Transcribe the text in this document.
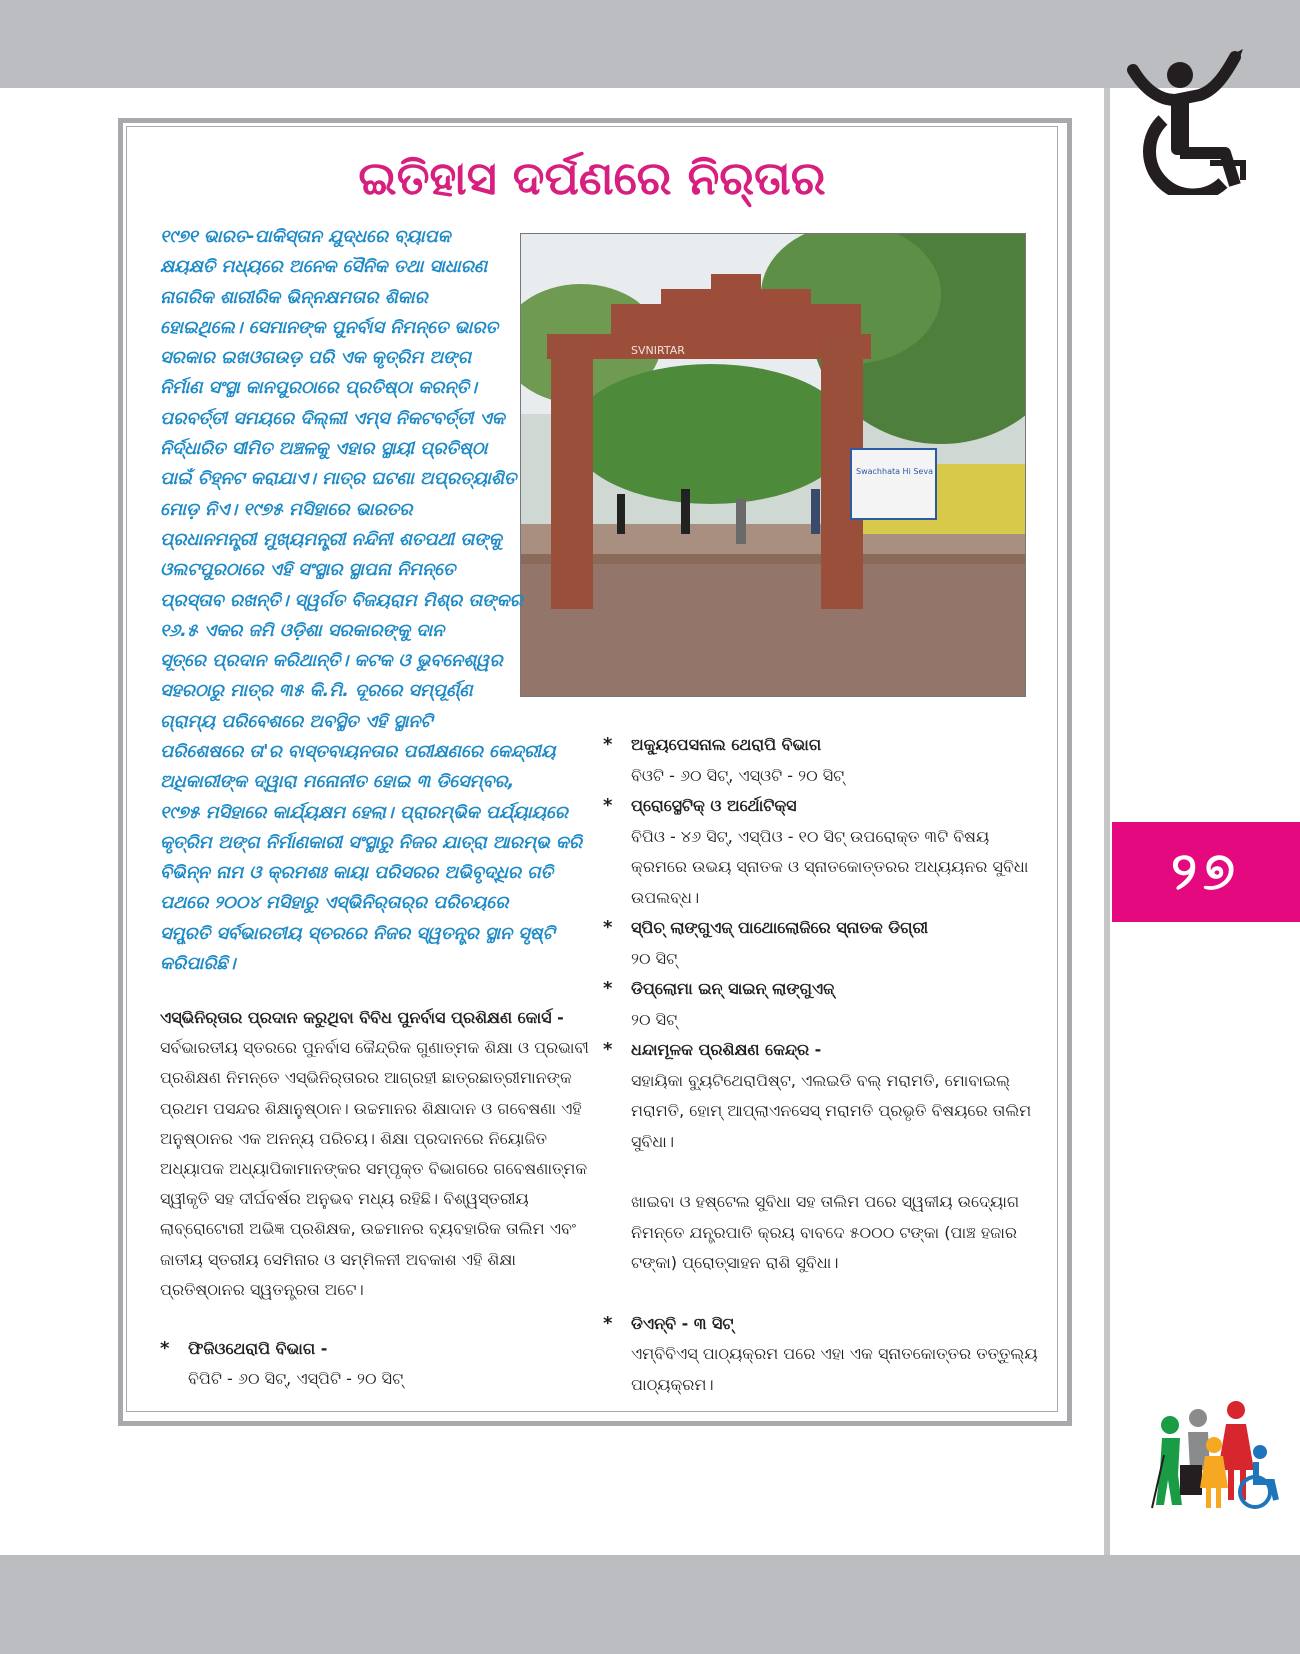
୨୭
ଇତିହାସ ଦର୍ପଣରେ ନିର୍‌ତାର
SVNIRTAR
Swachhata Hi Seva
୧୯୭୧ ଭାରତ-ପାକିସ୍ତାନ ଯୁଦ୍ଧରେ ବ୍ୟାପକ
କ୍ଷୟକ୍ଷତି ମଧ୍ୟରେ ଅନେକ ସୈନିକ ତଥା ସାଧାରଣ
ନାଗରିକ ଶାରୀରିକ ଭିନ୍ନକ୍ଷମତାର ଶିକାର
ହୋଇଥିଲେ। ସେମାନଙ୍କ ପୁନର୍ବାସ ନିମନ୍ତେ ଭାରତ
ସରକାର ଇଖଓଗଉଡ଼ ପରି ଏକ କୃତ୍ରିମ ଅଙ୍ଗ
ନିର୍ମାଣ ସଂସ୍ଥା କାନପୁରଠାରେ ପ୍ରତିଷ୍ଠା କରନ୍ତି।
ପରବର୍ତ୍ତୀ ସମୟରେ ଦିଲ୍ଲୀ ଏମ୍ସ ନିକଟବର୍ତ୍ତୀ ଏକ
ନିର୍ଦ୍ଧାରିତ ସୀମିତ ଅଞ୍ଚଳକୁ ଏହାର ସ୍ଥାୟୀ ପ୍ରତିଷ୍ଠା
ପାଇଁ ଚିହ୍ନଟ କରାଯାଏ। ମାତ୍ର ଘଟଣା ଅପ୍ରତ୍ୟାଶିତ
ମୋଡ଼ ନିଏ। ୧୯୭୫ ମସିହାରେ ଭାରତର
ପ୍ରଧାନମନ୍ତ୍ରୀ ମୁଖ୍ୟମନ୍ତ୍ରୀ ନନ୍ଦିନୀ ଶତପଥୀ ତାଙ୍କୁ
ଓଲଟପୁରଠାରେ ଏହି ସଂସ୍ଥାର ସ୍ଥାପନା ନିମନ୍ତେ
ପ୍ରସ୍ତାବ ରଖନ୍ତି। ସ୍ୱର୍ଗତ ବିଜୟରାମ ମିଶ୍ର ତାଙ୍କର
୧୬.୫ ଏକର ଜମି ଓଡ଼ିଶା ସରକାରଙ୍କୁ ଦାନ
ସୂତ୍ରେ ପ୍ରଦାନ କରିଥାନ୍ତି। କଟକ ଓ ଭୁବନେଶ୍ୱର
ସହରଠାରୁ ମାତ୍ର ୩୫ କି.ମି. ଦୂରରେ ସମ୍ପୂର୍ଣ୍ଣ
ଗ୍ରାମ୍ୟ ପରିବେଶରେ ଅବସ୍ଥିତ ଏହି ସ୍ଥାନଟି
ପରିଶେଷରେ ତା'ର ବାସ୍ତବାୟନତାର ପରୀକ୍ଷଣରେ କେନ୍ଦ୍ରୀୟ
ଅଧିକାରୀଙ୍କ ଦ୍ୱାରା ମନୋନୀତ ହୋଇ ୩ ଡିସେମ୍ବର,
୧୯୭୫ ମସିହାରେ କାର୍ଯ୍ୟକ୍ଷମ ହେଲା। ପ୍ରାରମ୍ଭିକ ପର୍ଯ୍ୟାୟରେ
କୃତ୍ରିମ ଅଙ୍ଗ ନିର୍ମାଣକାରୀ ସଂସ୍ଥାରୁ ନିଜର ଯାତ୍ରା ଆରମ୍ଭ କରି
ବିଭିନ୍ନ ନାମ ଓ କ୍ରମଶଃ କାୟା ପରିସରର ଅଭିବୃଦ୍ଧିର ଗତି
ପଥରେ ୨୦୦୪ ମସିହାରୁ ଏସ୍‌ଭିନିର୍‌ତାର୍‌ର ପରିଚୟରେ
ସମ୍ପ୍ରତି ସର୍ବଭାରତୀୟ ସ୍ତରରେ ନିଜର ସ୍ୱତନ୍ତ୍ର ସ୍ଥାନ ସୃଷ୍ଟି
କରିପାରିଛି।

ଏସ୍‌ଭିନିର୍‌ତାର ପ୍ରଦାନ କରୁଥିବା ବିବିଧ ପୁନର୍ବାସ ପ୍ରଶିକ୍ଷଣ କୋର୍ସ -

ସର୍ବଭାରତୀୟ ସ୍ତରରେ ପୁନର୍ବାସ କୈନ୍ଦ୍ରିକ ଗୁଣାତ୍ମକ ଶିକ୍ଷା ଓ ପ୍ରଭାବୀ ପ୍ରଶିକ୍ଷଣ ନିମନ୍ତେ ଏସ୍‌ଭିନିର୍‌ତାରର ଆଗ୍ରହୀ ଛାତ୍ରଛାତ୍ରୀମାନଙ୍କ ପ୍ରଥମ ପସନ୍ଦର ଶିକ୍ଷାନୁଷ୍ଠାନ। ଉଚ୍ଚମାନର ଶିକ୍ଷାଦାନ ଓ ଗବେଷଣା ଏହି ଅନୁଷ୍ଠାନର ଏକ ଅନନ୍ୟ ପରିଚୟ। ଶିକ୍ଷା ପ୍ରଦାନରେ ନିୟୋଜିତ ଅଧ୍ୟାପକ ଅଧ୍ୟାପିକାମାନଙ୍କର ସମ୍ପୃକ୍ତ ବିଭାଗରେ ଗବେଷଣାତ୍ମକ ସ୍ୱୀକୃତି ସହ ଦୀର୍ଘବର୍ଷର ଅନୁଭବ ମଧ୍ୟ ରହିଛି। ବିଶ୍ୱସ୍ତରୀୟ ଲାବ୍ରୋଟୋରୀ ଅଭିଜ୍ଞ ପ୍ରଶିକ୍ଷକ, ଉଚ୍ଚମାନର ବ୍ୟବହାରିକ ତାଲିମ ଏବଂ ଜାତୀୟ ସ୍ତରୀୟ ସେମିନାର ଓ ସମ୍ମିଳନୀ ଅବକାଶ ଏହି ଶିକ୍ଷା ପ୍ରତିଷ୍ଠାନର ସ୍ୱତନ୍ତ୍ରତା ଅଟେ।

*	ଫିଜିଓଥେରାପି ବିଭାଗ -
ବିପିଟି - ୬୦ ସିଟ୍, ଏସ୍‌ପିଟି - ୨୦ ସିଟ୍
*	ଅକ୍ୟୁପେସନାଲ ଥେରାପି ବିଭାଗ
ବିଓଟି - ୬୦ ସିଟ୍, ଏସ୍‌ଓଟି - ୨୦ ସିଟ୍
*	ପ୍ରୋସ୍ଥେଟିକ୍ ଓ ଅର୍ଥୋଟିକ୍ସ
ବିପିଓ - ୪୬ ସିଟ୍, ଏସ୍‌ପିଓ - ୧୦ ସିଟ୍ ଉପରୋକ୍ତ ୩ଟି ବିଷୟ କ୍ରମରେ ଉଭୟ ସ୍ନାତକ ଓ ସ୍ନାତକୋତ୍ତରର ଅଧ୍ୟୟନର ସୁବିଧା ଉପଲବ୍ଧ।
*	ସ୍ପିଚ୍ ଲାଙ୍ଗୁଏଜ୍ ପାଥୋଲୋଜିରେ ସ୍ନାତକ ଡିଗ୍ରୀ
୨୦ ସିଟ୍
*	ଡିପ୍ଲୋମା ଇନ୍ ସାଇନ୍ ଲାଙ୍ଗୁଏଜ୍
୨୦ ସିଟ୍
*	ଧନ୍ଦାମୂଳକ ପ୍ରଶିକ୍ଷଣ କେନ୍ଦ୍ର -
ସହାୟିକା ବ୍ୟୁଟିଥେରାପିଷ୍ଟ, ଏଲଇଡି ବଲ୍ ମରାମତି, ମୋବାଇଲ୍ ମରାମତି, ହୋମ୍ ଆପ୍ଲାଏନସେସ୍ ମରାମତି ପ୍ରଭୃତି ବିଷୟରେ ତାଲିମ ସୁବିଧା।

ଖାଇବା ଓ ହଷ୍ଟେଲ ସୁବିଧା ସହ ତାଲିମ ପରେ ସ୍ୱକୀୟ ଉଦ୍ୟୋଗ ନିମନ୍ତେ ଯନ୍ତ୍ରପାତି କ୍ରୟ ବାବଦେ ୫୦୦୦ ଟଙ୍କା (ପାଞ୍ଚ ହଜାର ଟଙ୍କା) ପ୍ରୋତ୍ସାହନ ରାଶି ସୁବିଧା।

*	ଡିଏନ୍‌ବି - ୩ ସିଟ୍
ଏମ୍‌ବିବିଏସ୍ ପାଠ୍ୟକ୍ରମ ପରେ ଏହା ଏକ ସ୍ନାତକୋତ୍ତର ତତ୍ତୁଲ୍ୟ ପାଠ୍ୟକ୍ରମ।
